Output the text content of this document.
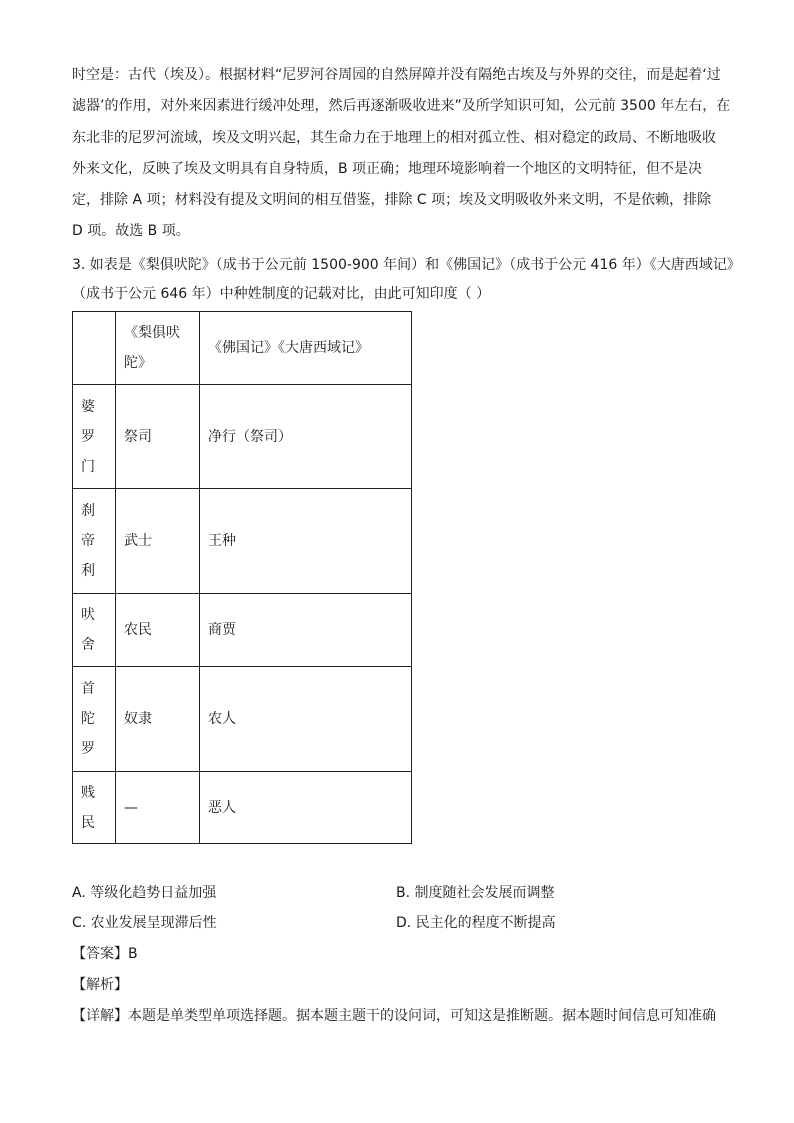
时空是：古代（埃及）。根据材料“尼罗河谷周园的自然屏障并没有隔绝古埃及与外界的交往，而是起着‘过

滤器’的作用，对外来因素进行缓冲处理，然后再逐渐吸收进来”及所学知识可知，公元前 3500 年左右，在

东北非的尼罗河流域，埃及文明兴起，其生命力在于地理上的相对孤立性、相对稳定的政局、不断地吸收

外来文化，反映了埃及文明具有自身特质，B 项正确；地理环境影响着一个地区的文明特征，但不是决

定，排除 A 项；材料没有提及文明间的相互借鉴，排除 C 项；埃及文明吸收外来文明，不是依赖，排除

D 项。故选 B 项。

3. 如表是《梨俱吠陀》（成书于公元前 1500-900 年间）和《佛国记》（成书于公元 416 年）《大唐西域记》

（成书于公元 646 年）中种姓制度的记载对比，由此可知印度（ ）

	《梨俱吠陀》	《佛国记》《大唐西域记》

婆罗门	祭司	净行（祭司）

刹帝利	武士	王种

吠舍	农民	商贾

首陀罗	奴隶	农人

贱民	—	恶人
A. 等级化趋势日益加强	B. 制度随社会发展而调整
C. 农业发展呈现滞后性	D. 民主化的程度不断提高
【答案】B
【解析】
【详解】本题是单类型单项选择题。据本题主题干的设问词，可知这是推断题。据本题时间信息可知准确
